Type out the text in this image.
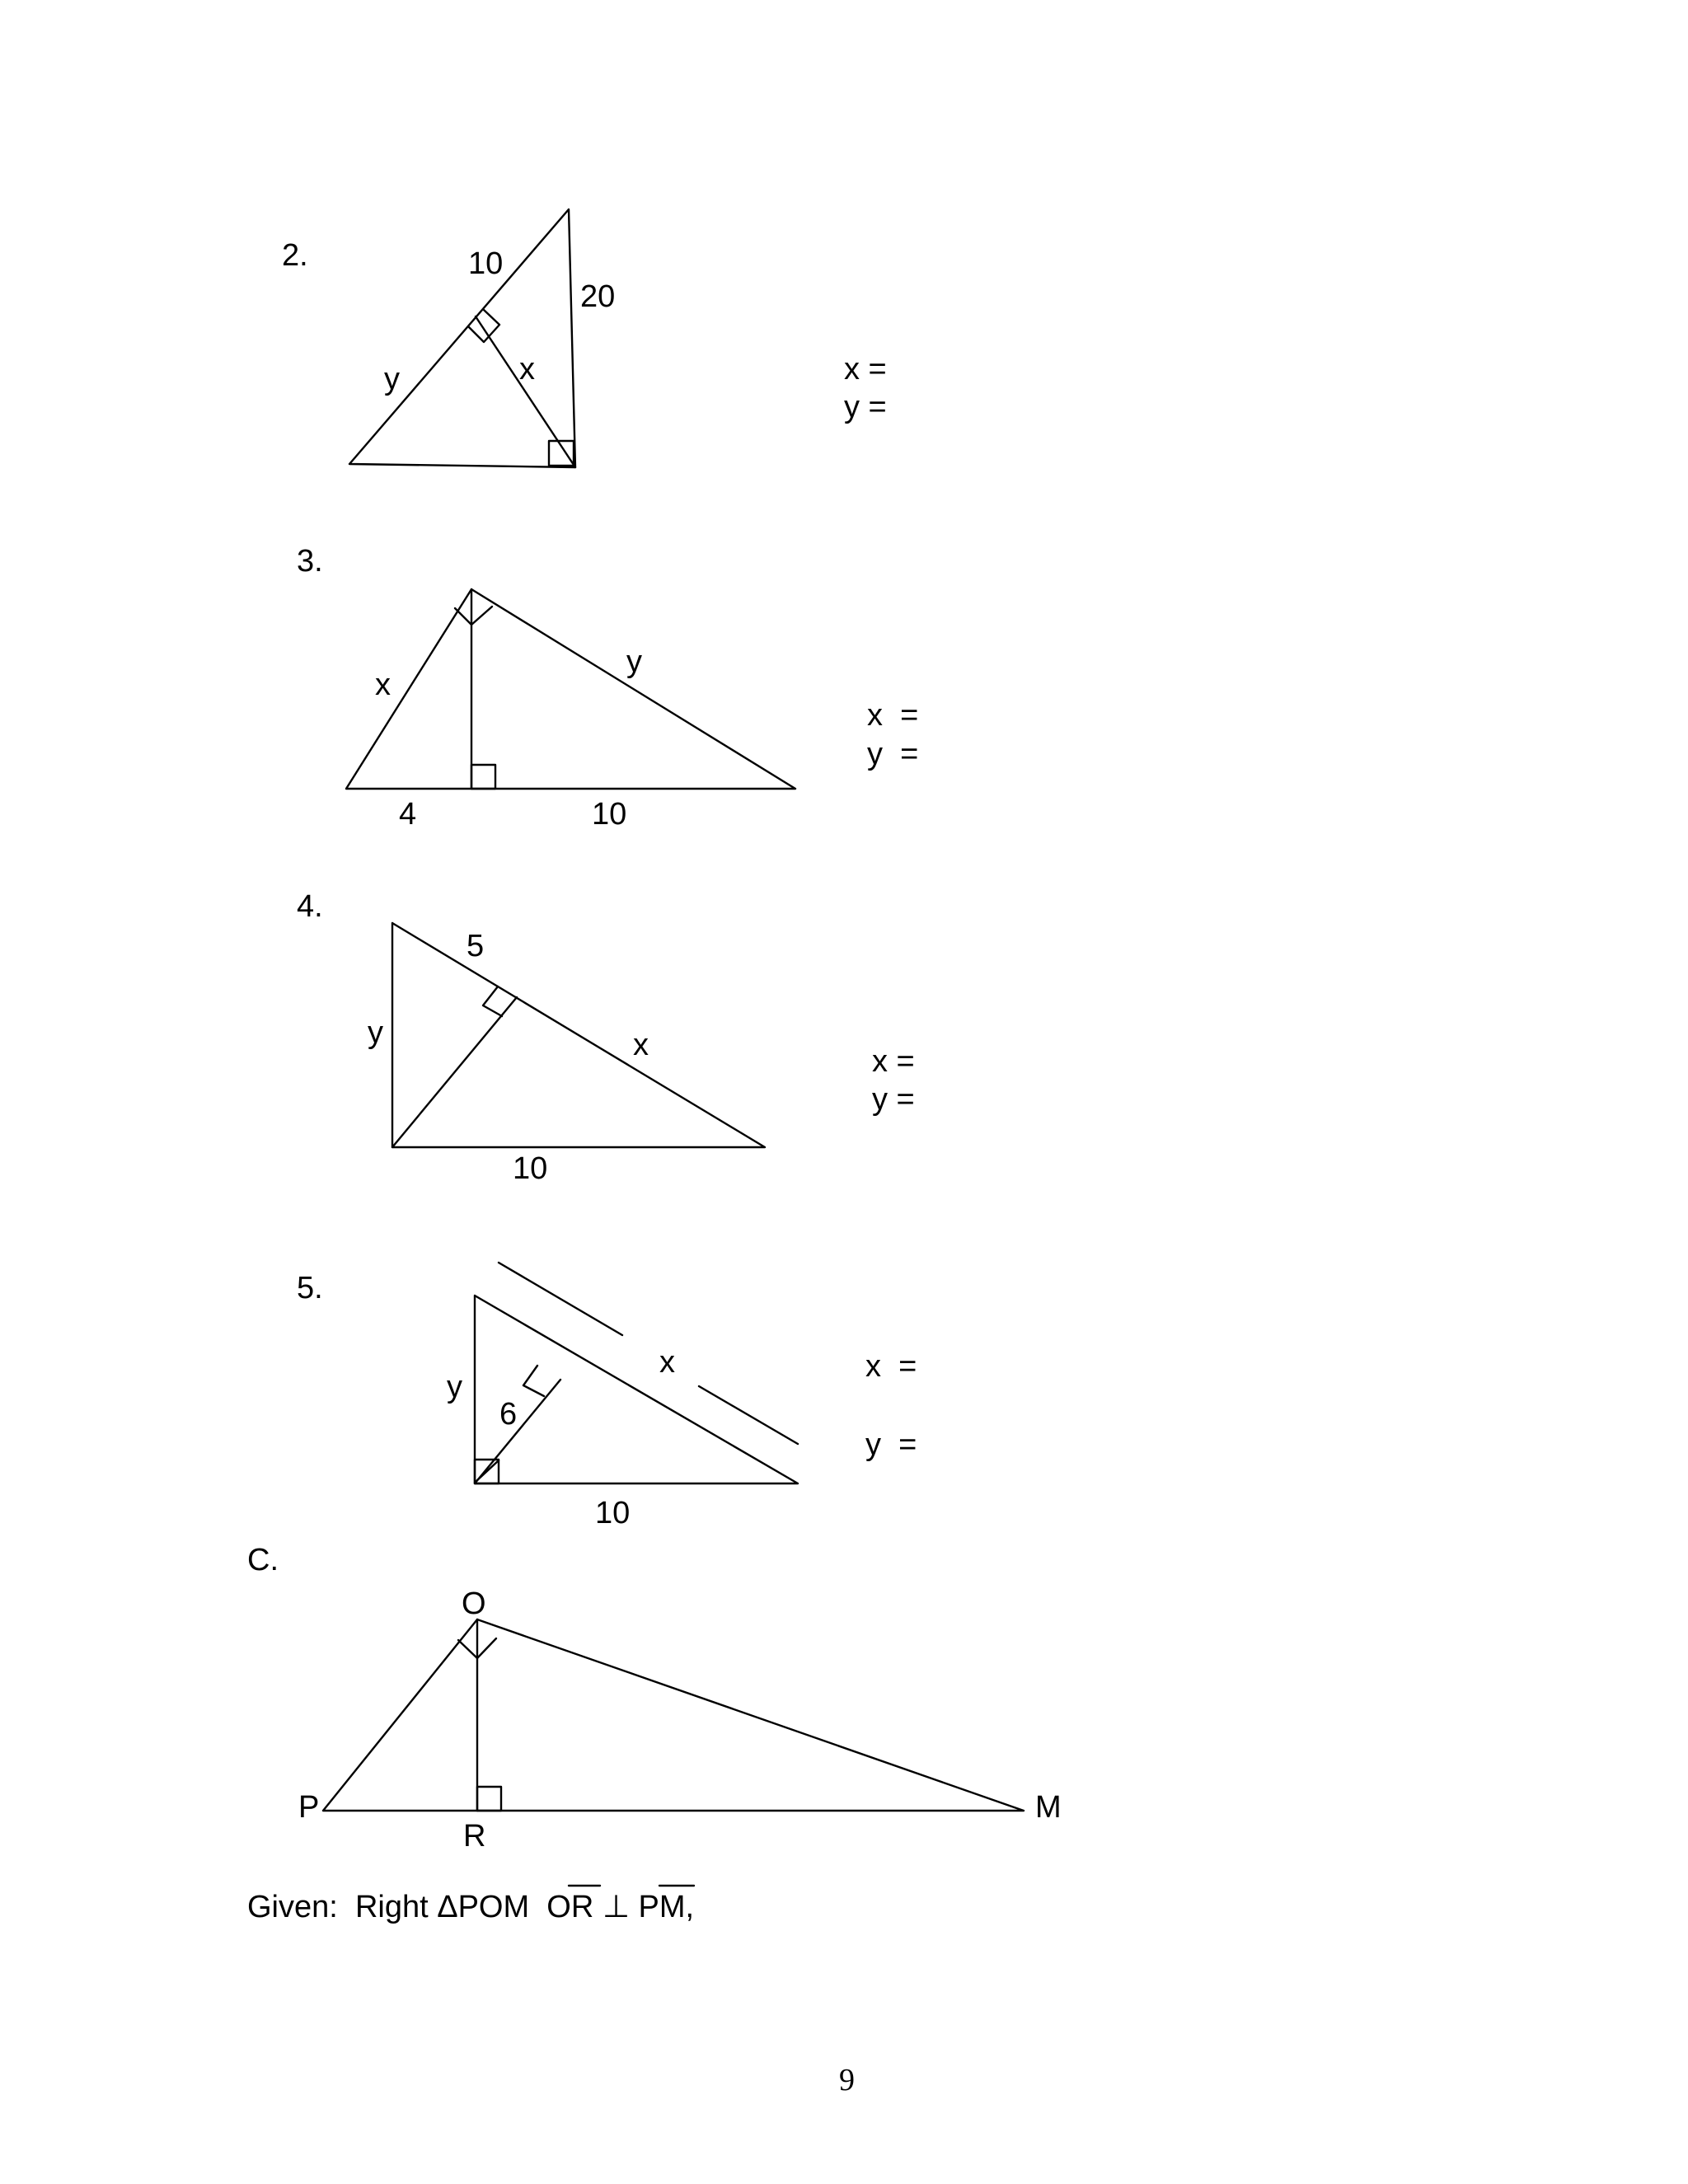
2.	10
20
y	x	x =
y =
3.
x
y
4	10
x  =
y  =
4.
5
y	x
10
x =
y =
5.
x
y
6
10
x  =
y  =
C.
O
P
R
M
Given:  Right ΔPOM  OR ⊥ PM,
9
